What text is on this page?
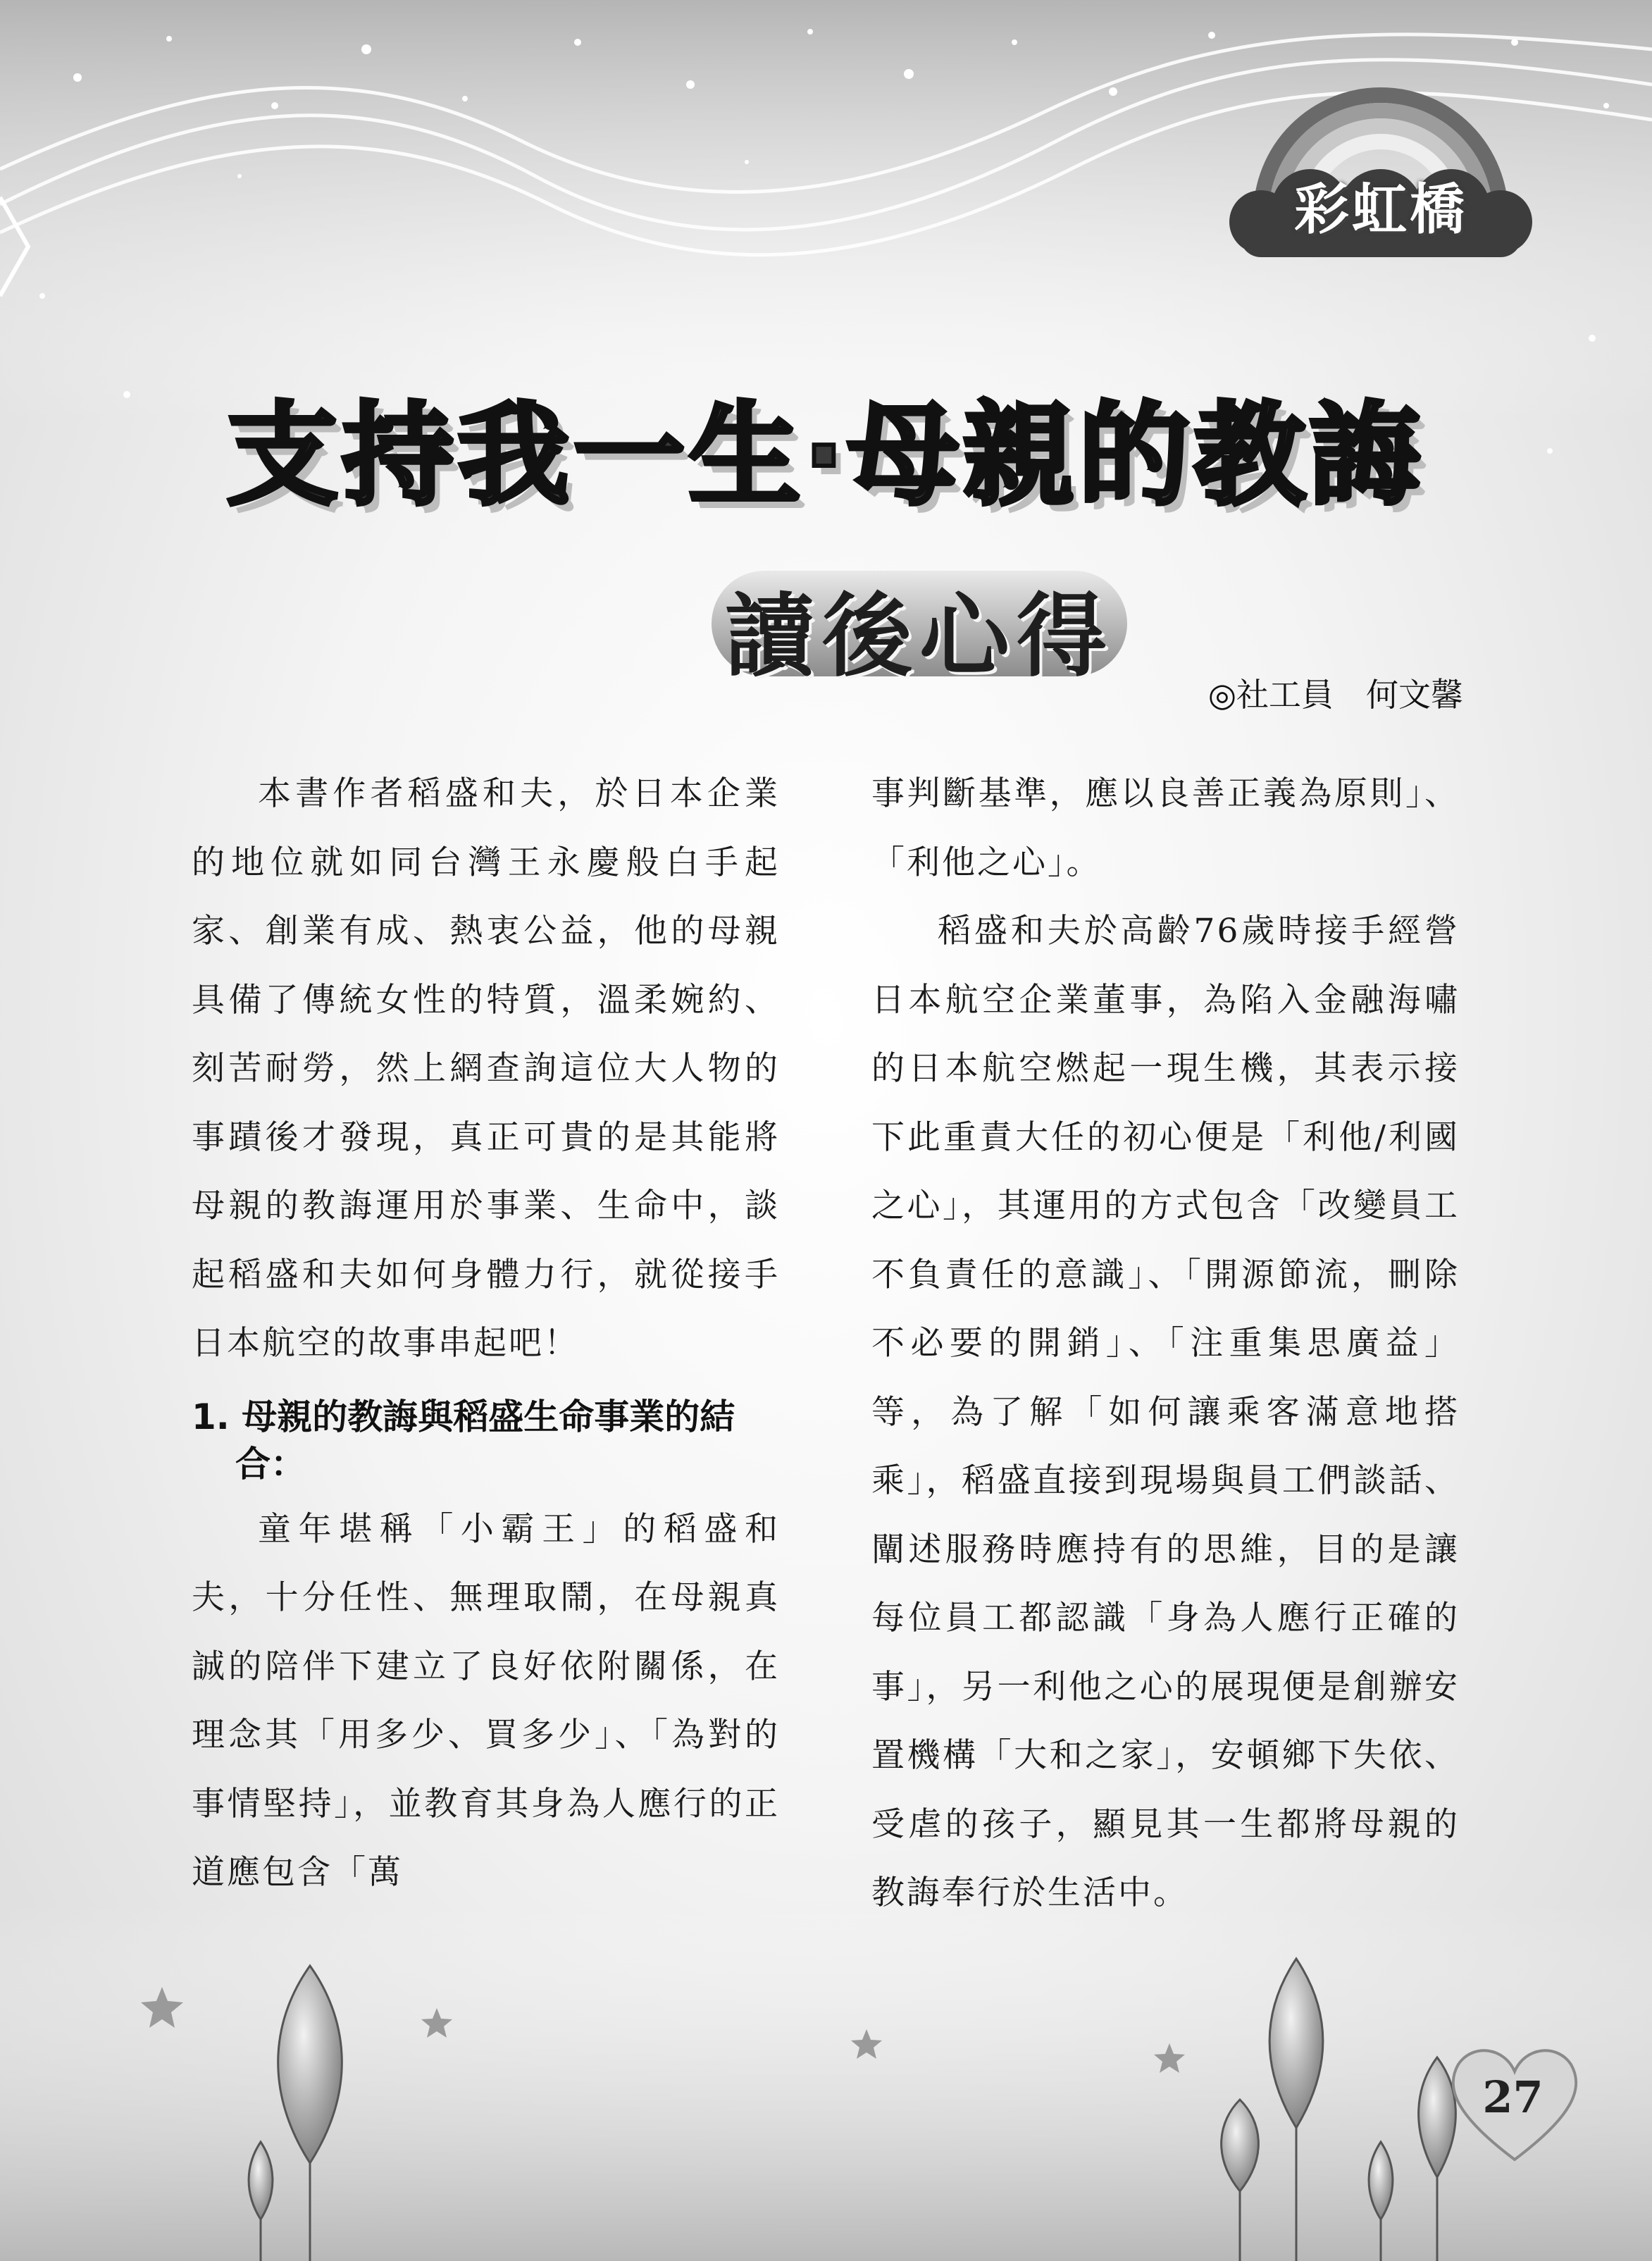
彩虹橋
支持我一生‧母親的教誨
讀後心得
◎社工員　何文馨

本書作者稻盛和夫，於日本企業的地位就如同台灣王永慶般白手起家、創業有成、熱衷公益，他的母親具備了傳統女性的特質，溫柔婉約、刻苦耐勞，然上網查詢這位大人物的事蹟後才發現，真正可貴的是其能將母親的教誨運用於事業、生命中，談起稻盛和夫如何身體力行，就從接手日本航空的故事串起吧！

1. 母親的教誨與稻盛生命事業的結合：

童年堪稱「小霸王」的稻盛和夫，十分任性、無理取鬧，在母親真誠的陪伴下建立了良好依附關係，在理念其「用多少、買多少」、「為對的事情堅持」，並教育其身為人應行的正道應包含「萬

事判斷基準，應以良善正義為原則」、「利他之心」。

稻盛和夫於高齡76歲時接手經營日本航空企業董事，為陷入金融海嘯的日本航空燃起一現生機，其表示接下此重責大任的初心便是「利他/利國之心」，其運用的方式包含「改變員工不負責任的意識」、「開源節流，刪除不必要的開銷」、「注重集思廣益」等，為了解「如何讓乘客滿意地搭乘」，稻盛直接到現場與員工們談話、闡述服務時應持有的思維，目的是讓每位員工都認識「身為人應行正確的事」，另一利他之心的展現便是創辦安置機構「大和之家」，安頓鄉下失依、受虐的孩子，顯見其一生都將母親的教誨奉行於生活中。

27
